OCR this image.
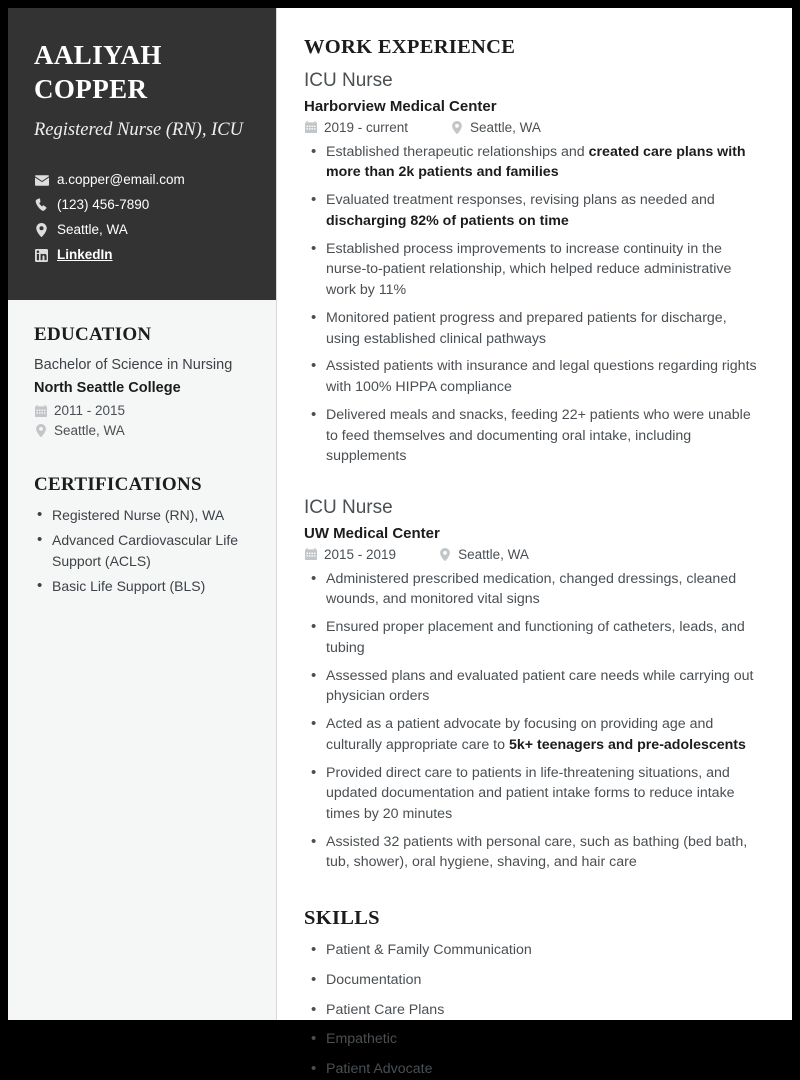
AALIYAH
COPPER
Registered Nurse (RN), ICU
a.copper@email.com
(123) 456-7890
Seattle, WA
LinkedIn
EDUCATION
Bachelor of Science in Nursing
North Seattle College
2011 - 2015
Seattle, WA
CERTIFICATIONS
• Registered Nurse (RN), WA
• Advanced Cardiovascular Life Support (ACLS)
• Basic Life Support (BLS)
WORK EXPERIENCE
ICU Nurse
Harborview Medical Center
2019 - current	Seattle, WA
• Established therapeutic relationships and created care plans with more than 2k patients and families
• Evaluated treatment responses, revising plans as needed and discharging 82% of patients on time
• Established process improvements to increase continuity in the nurse-to-patient relationship, which helped reduce administrative work by 11%
• Monitored patient progress and prepared patients for discharge, using established clinical pathways
• Assisted patients with insurance and legal questions regarding rights with 100% HIPPA compliance
• Delivered meals and snacks, feeding 22+ patients who were unable to feed themselves and documenting oral intake, including supplements
ICU Nurse
UW Medical Center
2015 - 2019	Seattle, WA
• Administered prescribed medication, changed dressings, cleaned wounds, and monitored vital signs
• Ensured proper placement and functioning of catheters, leads, and tubing
• Assessed plans and evaluated patient care needs while carrying out physician orders
• Acted as a patient advocate by focusing on providing age and culturally appropriate care to 5k+ teenagers and pre-adolescents
• Provided direct care to patients in life-threatening situations, and updated documentation and patient intake forms to reduce intake times by 20 minutes
• Assisted 32 patients with personal care, such as bathing (bed bath, tub, shower), oral hygiene, shaving, and hair care
SKILLS
• Patient & Family Communication
• Documentation
• Patient Care Plans
• Empathetic
• Patient Advocate
